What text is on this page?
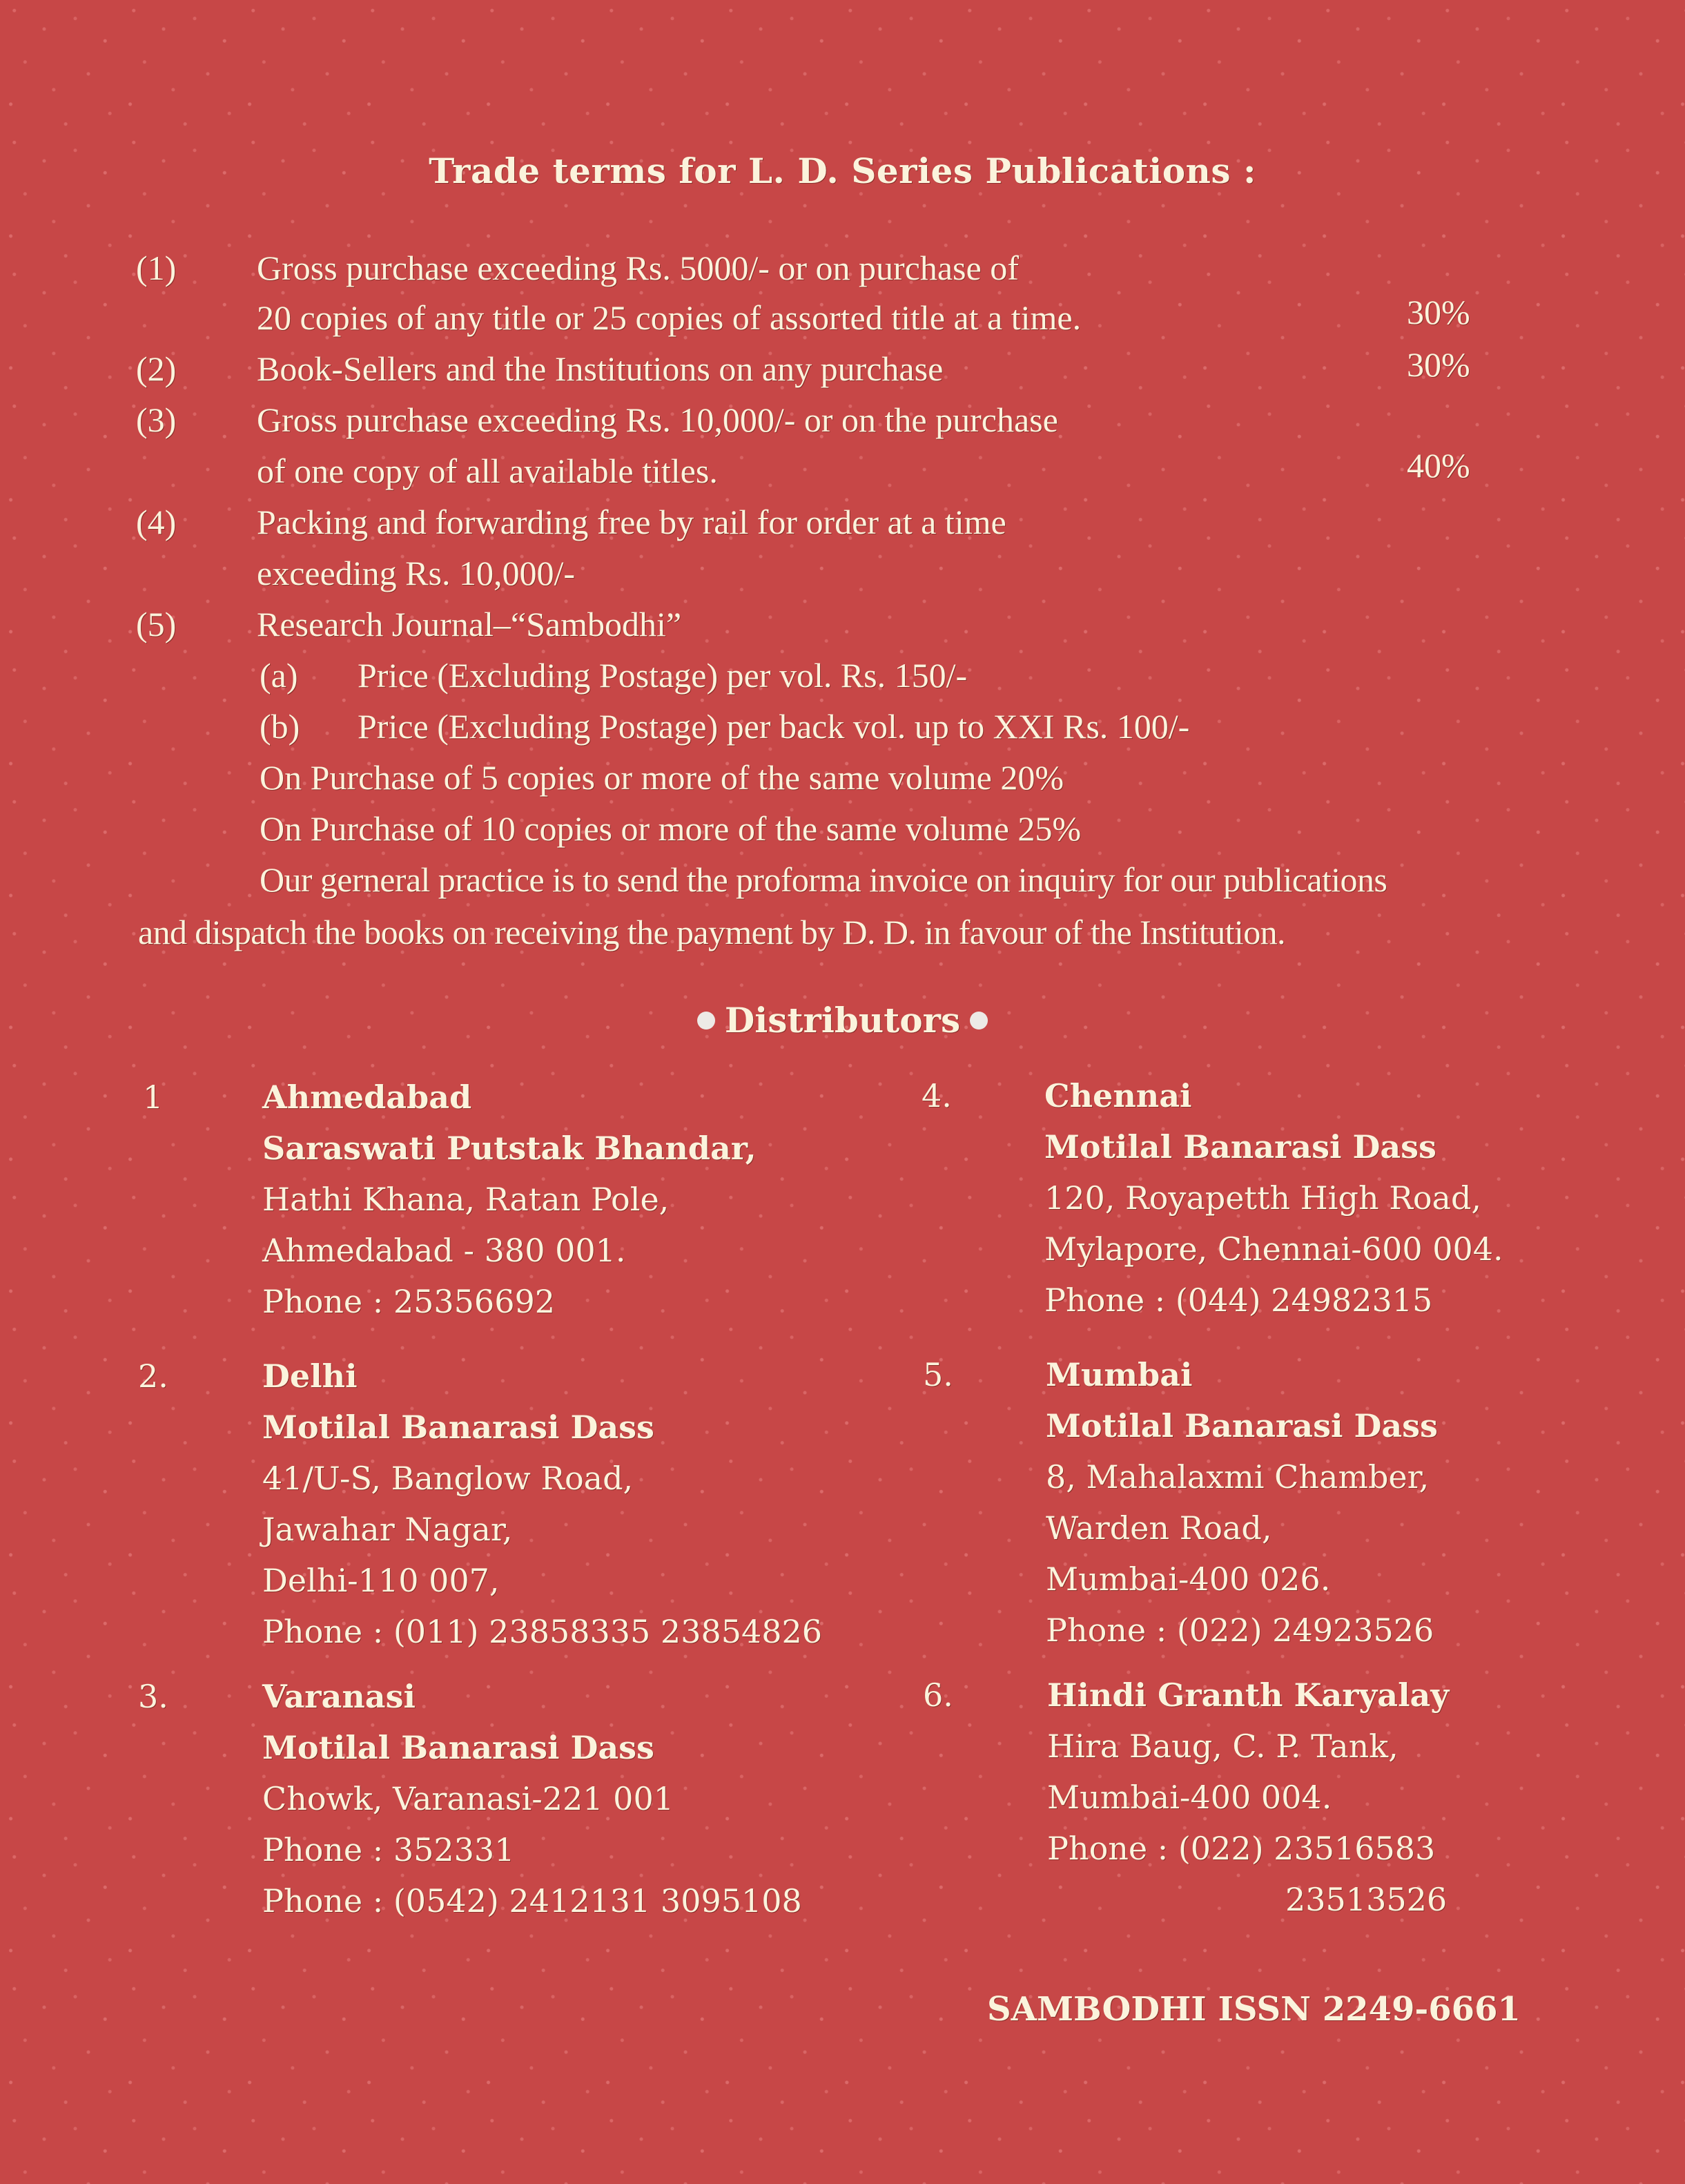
Trade terms for L. D. Series Publications :
(1) Gross purchase exceeding Rs. 5000/- or on purchase of
20 copies of any title or 25 copies of assorted title at a time.	30%
(2) Book-Sellers and the Institutions on any purchase	30%
(3) Gross purchase exceeding Rs. 10,000/- or on the purchase
of one copy of all available titles.	40%
(4) Packing and forwarding free by rail for order at a time
exceeding Rs. 10,000/-
(5) Research Journal–“Sambodhi”
(a) Price (Excluding Postage) per vol. Rs. 150/-
(b) Price (Excluding Postage) per back vol. up to XXI Rs. 100/-
On Purchase of 5 copies or more of the same volume 20%
On Purchase of 10 copies or more of the same volume 25%
Our gerneral practice is to send the proforma invoice on inquiry for our publications
and dispatch the books on receiving the payment by D. D. in favour of the Institution.
Distributors
1	Ahmedabad
Saraswati Putstak Bhandar,
Hathi Khana, Ratan Pole,
Ahmedabad - 380 001.
Phone : 25356692
2.	Delhi
Motilal Banarasi Dass
41/U-S, Banglow Road,
Jawahar Nagar,
Delhi-110 007,
Phone : (011) 23858335 23854826
3.	Varanasi
Motilal Banarasi Dass
Chowk, Varanasi-221 001
Phone : 352331
Phone : (0542) 2412131 3095108
4.	Chennai
Motilal Banarasi Dass
120, Royapetth High Road,
Mylapore, Chennai-600 004.
Phone : (044) 24982315
5.	Mumbai
Motilal Banarasi Dass
8, Mahalaxmi Chamber,
Warden Road,
Mumbai-400 026.
Phone : (022) 24923526
6.	Hindi Granth Karyalay
Hira Baug, C. P. Tank,
Mumbai-400 004.
Phone : (022) 23516583
23513526
SAMBODHI ISSN 2249-6661
